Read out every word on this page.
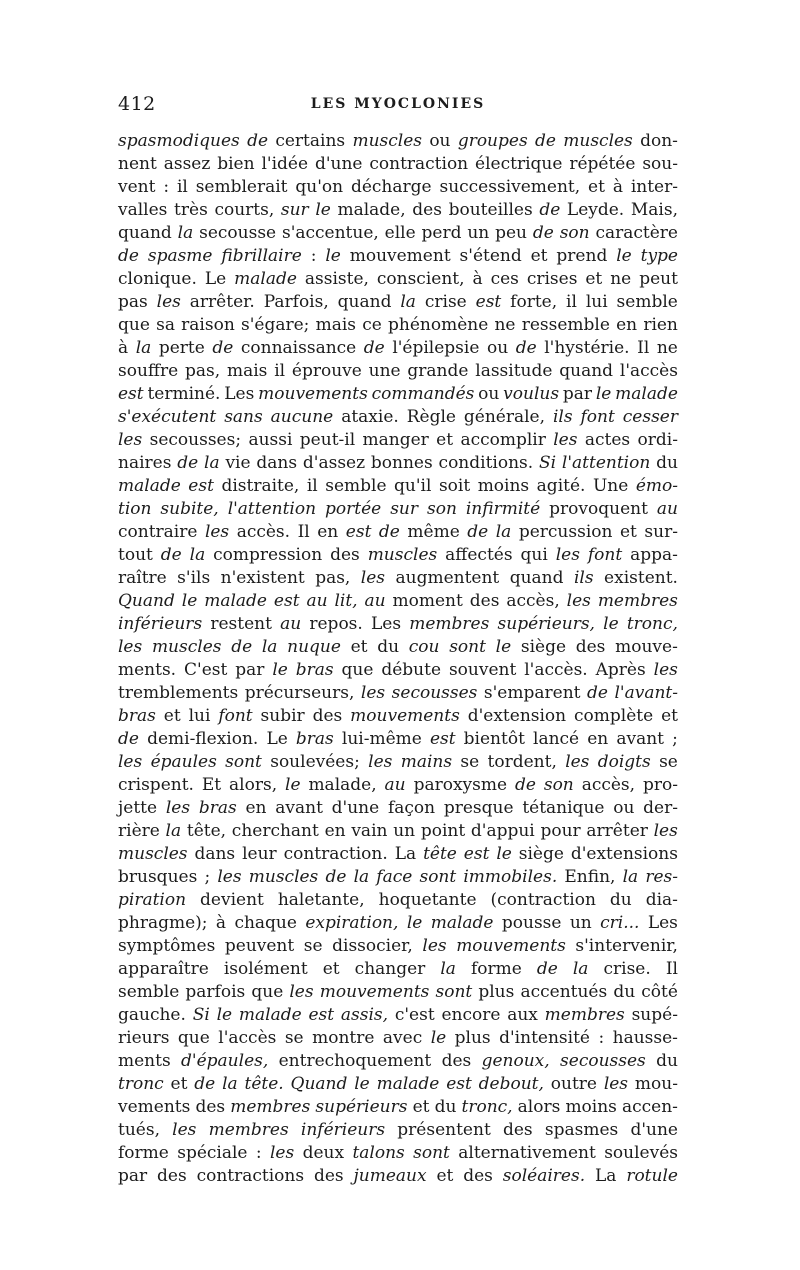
412	LES MYOCLONIES
spasmodiques de certains muscles ou groupes de muscles don-
nent assez bien l'idée d'une contraction électrique répétée sou-
vent : il semblerait qu'on décharge successivement, et à inter-
valles très courts, sur le malade, des bouteilles de Leyde. Mais,
quand la secousse s'accentue, elle perd un peu de son caractère
de spasme fibrillaire : le mouvement s'étend et prend le type
clonique. Le malade assiste, conscient, à ces crises et ne peut
pas les arrêter. Parfois, quand la crise est forte, il lui semble
que sa raison s'égare; mais ce phénomène ne ressemble en rien
à la perte de connaissance de l'épilepsie ou de l'hystérie. Il ne
souffre pas, mais il éprouve une grande lassitude quand l'accès
est terminé. Les mouvements commandés ou voulus par le malade
s'exécutent sans aucune ataxie. Règle générale, ils font cesser
les secousses; aussi peut-il manger et accomplir les actes ordi-
naires de la vie dans d'assez bonnes conditions. Si l'attention du
malade est distraite, il semble qu'il soit moins agité. Une émo-
tion subite, l'attention portée sur son infirmité provoquent au
contraire les accès. Il en est de même de la percussion et sur-
tout de la compression des muscles affectés qui les font appa-
raître s'ils n'existent pas, les augmentent quand ils existent.
Quand le malade est au lit, au moment des accès, les membres
inférieurs restent au repos. Les membres supérieurs, le tronc,
les muscles de la nuque et du cou sont le siège des mouve-
ments. C'est par le bras que débute souvent l'accès. Après les
tremblements précurseurs, les secousses s'emparent de l'avant-
bras et lui font subir des mouvements d'extension complète et
de demi-flexion. Le bras lui-même est bientôt lancé en avant ;
les épaules sont soulevées; les mains se tordent, les doigts se
crispent. Et alors, le malade, au paroxysme de son accès, pro-
jette les bras en avant d'une façon presque tétanique ou der-
rière la tête, cherchant en vain un point d'appui pour arrêter les
muscles dans leur contraction. La tête est le siège d'extensions
brusques ; les muscles de la face sont immobiles. Enfin, la res-
piration devient haletante, hoquetante (contraction du dia-
phragme); à chaque expiration, le malade pousse un cri... Les
symptômes peuvent se dissocier, les mouvements s'intervenir,
apparaître isolément et changer la forme de la crise. Il
semble parfois que les mouvements sont plus accentués du côté
gauche. Si le malade est assis, c'est encore aux membres supé-
rieurs que l'accès se montre avec le plus d'intensité : hausse-
ments d'épaules, entrechoquement des genoux, secousses du
tronc et de la tête. Quand le malade est debout, outre les mou-
vements des membres supérieurs et du tronc, alors moins accen-
tués, les membres inférieurs présentent des spasmes d'une
forme spéciale : les deux talons sont alternativement soulevés
par des contractions des jumeaux et des soléaires. La rotule
